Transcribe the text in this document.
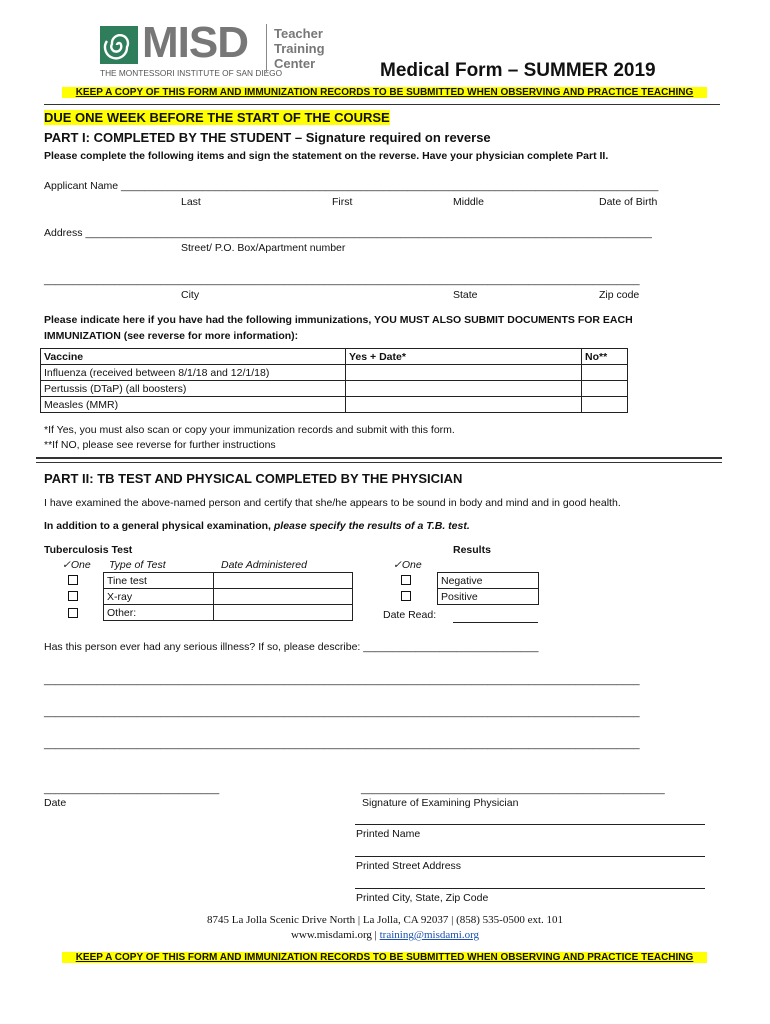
MISD
THE MONTESSORI INSTITUTE OF SAN DIEGO
Teacher
Training
Center	Medical Form – SUMMER 2019
KEEP A COPY OF THIS FORM AND IMMUNIZATION RECORDS TO BE SUBMITTED WHEN OBSERVING AND PRACTICE TEACHING
DUE ONE WEEK BEFORE THE START OF THE COURSE
PART I: COMPLETED BY THE STUDENT – Signature required on reverse
Please complete the following items and sign the statement on the reverse. Have your physician complete Part II.
Applicant Name ____________________________________________________________________________________________
Last	First	Middle	Date of Birth
Address _________________________________________________________________________________________________
Street/ P.O. Box/Apartment number
______________________________________________________________________________________________________
City	State	Zip code
Please indicate here if you have had the following immunizations, YOU MUST ALSO SUBMIT DOCUMENTS FOR EACH
IMMUNIZATION (see reverse for more information):
Vaccine	Yes + Date*	No**
Influenza (received between 8/1/18 and 12/1/18)		
Pertussis (DTaP) (all boosters)		
Measles (MMR)		
*If Yes, you must also scan or copy your immunization records and submit with this form.
**If NO, please see reverse for further instructions
PART II: TB TEST AND PHYSICAL COMPLETED BY THE PHYSICIAN
I have examined the above-named person and certify that she/he appears to be sound in body and mind and in good health.
In addition to a general physical examination, please specify the results of a T.B. test.
Tuberculosis Test	Results
✓One Type of Test	Date Administered	✓One
Tine test	
X-ray	
Other:	
Negative
Positive
Date Read:
Has this person ever had any serious illness? If so, please describe: ______________________________
______________________________________________________________________________________________________
______________________________________________________________________________________________________
______________________________________________________________________________________________________
______________________________
Date
____________________________________________________
Signature of Examining Physician
Printed Name
Printed Street Address
Printed City, State, Zip Code
8745 La Jolla Scenic Drive North | La Jolla, CA 92037 | (858) 535-0500 ext. 101
www.misdami.org | training@misdami.org
KEEP A COPY OF THIS FORM AND IMMUNIZATION RECORDS TO BE SUBMITTED WHEN OBSERVING AND PRACTICE TEACHING
